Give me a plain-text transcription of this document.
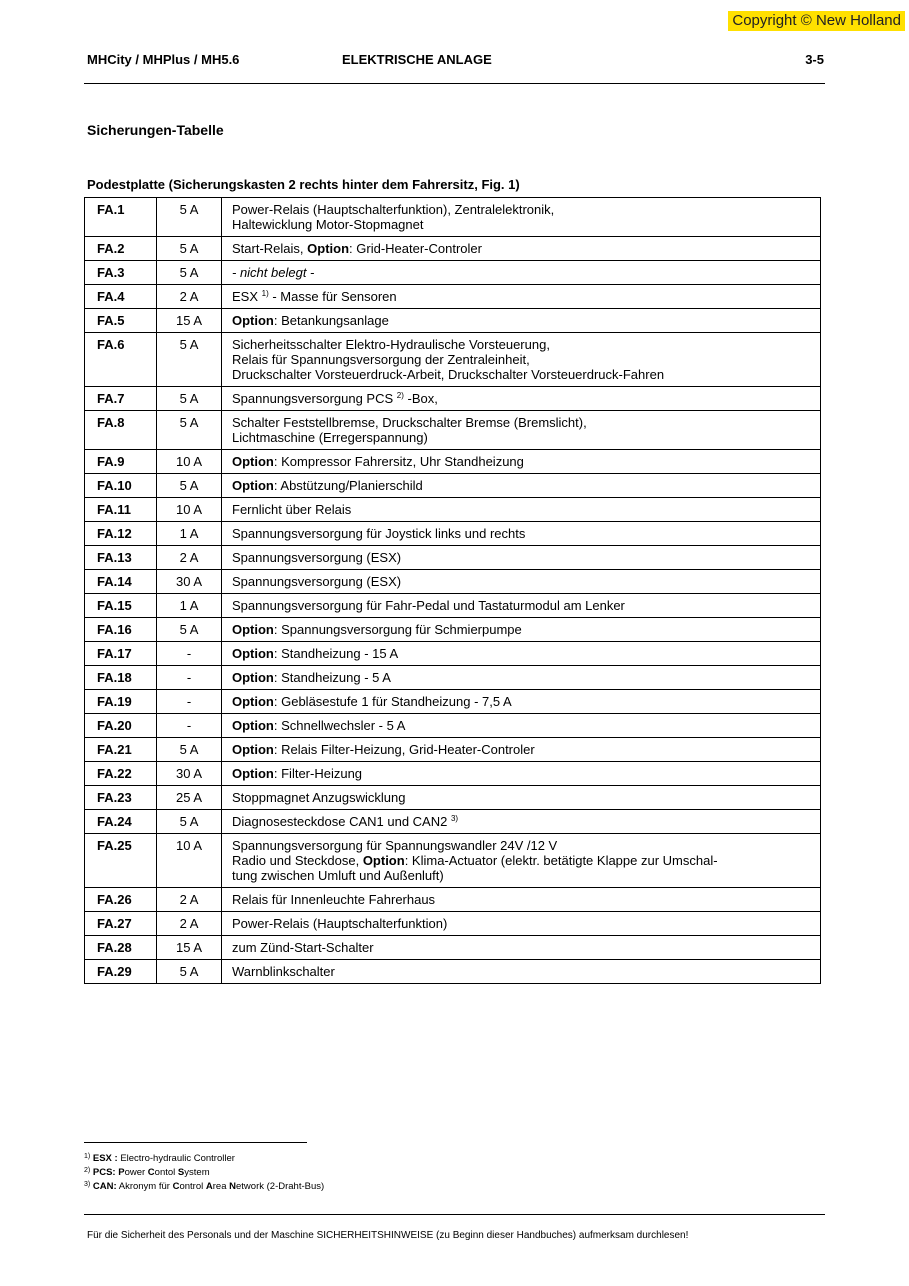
Copyright © New Holland
MHCity / MHPlus / MH5.6	ELEKTRISCHE ANLAGE	3-5
Sicherungen-Tabelle
Podestplatte (Sicherungskasten 2 rechts hinter dem Fahrersitz, Fig. 1)
FA.1	5 A	Power-Relais (Hauptschalterfunktion), Zentralelektronik,
Haltewicklung Motor-Stopmagnet

FA.2	5 A	Start-Relais, Option: Grid-Heater-Controler

FA.3	5 A	- nicht belegt -

FA.4	2 A	ESX $^{1)}$ - Masse für Sensoren

FA.5	15 A	Option: Betankungsanlage

FA.6	5 A	Sicherheitsschalter Elektro-Hydraulische Vorsteuerung,
Relais für Spannungsversorgung der Zentraleinheit,
Druckschalter Vorsteuerdruck-Arbeit, Druckschalter Vorsteuerdruck-Fahren

FA.7	5 A	Spannungsversorgung PCS $^{2)}$ -Box,

FA.8	5 A	Schalter Feststellbremse, Druckschalter Bremse (Bremslicht),
Lichtmaschine (Erregerspannung)

FA.9	10 A	Option: Kompressor Fahrersitz, Uhr Standheizung

FA.10	5 A	Option: Abstützung/Planierschild

FA.11	10 A	Fernlicht über Relais

FA.12	1 A	Spannungsversorgung für Joystick links und rechts

FA.13	2 A	Spannungsversorgung (ESX)

FA.14	30 A	Spannungsversorgung (ESX)

FA.15	1 A	Spannungsversorgung für Fahr-Pedal und Tastaturmodul am Lenker

FA.16	5 A	Option: Spannungsversorgung für Schmierpumpe

FA.17	-	Option: Standheizung - 15 A

FA.18	-	Option: Standheizung - 5 A

FA.19	-	Option: Gebläsestufe 1 für Standheizung - 7,5 A

FA.20	-	Option: Schnellwechsler - 5 A

FA.21	5 A	Option: Relais Filter-Heizung, Grid-Heater-Controler

FA.22	30 A	Option: Filter-Heizung

FA.23	25 A	Stoppmagnet Anzugswicklung

FA.24	5 A	Diagnosesteckdose CAN1 und CAN2 $^{3)}$

FA.25	10 A	Spannungsversorgung für Spannungswandler 24V /12 V
Radio und Steckdose, Option: Klima-Actuator (elektr. betätigte Klappe zur Umschal-
tung zwischen Umluft und Außenluft)

FA.26	2 A	Relais für Innenleuchte Fahrerhaus

FA.27	2 A	Power-Relais (Hauptschalterfunktion)

FA.28	15 A	zum Zünd-Start-Schalter

FA.29	5 A	Warnblinkschalter
$^{1)}$ ESX : Electro-hydraulic Controller
$^{2)}$ PCS: Power Contol System
$^{3)}$ CAN: Akronym für Control Area Network (2-Draht-Bus)
Für die Sicherheit des Personals und der Maschine SICHERHEITSHINWEISE (zu Beginn dieser Handbuches) aufmerksam durchlesen!
